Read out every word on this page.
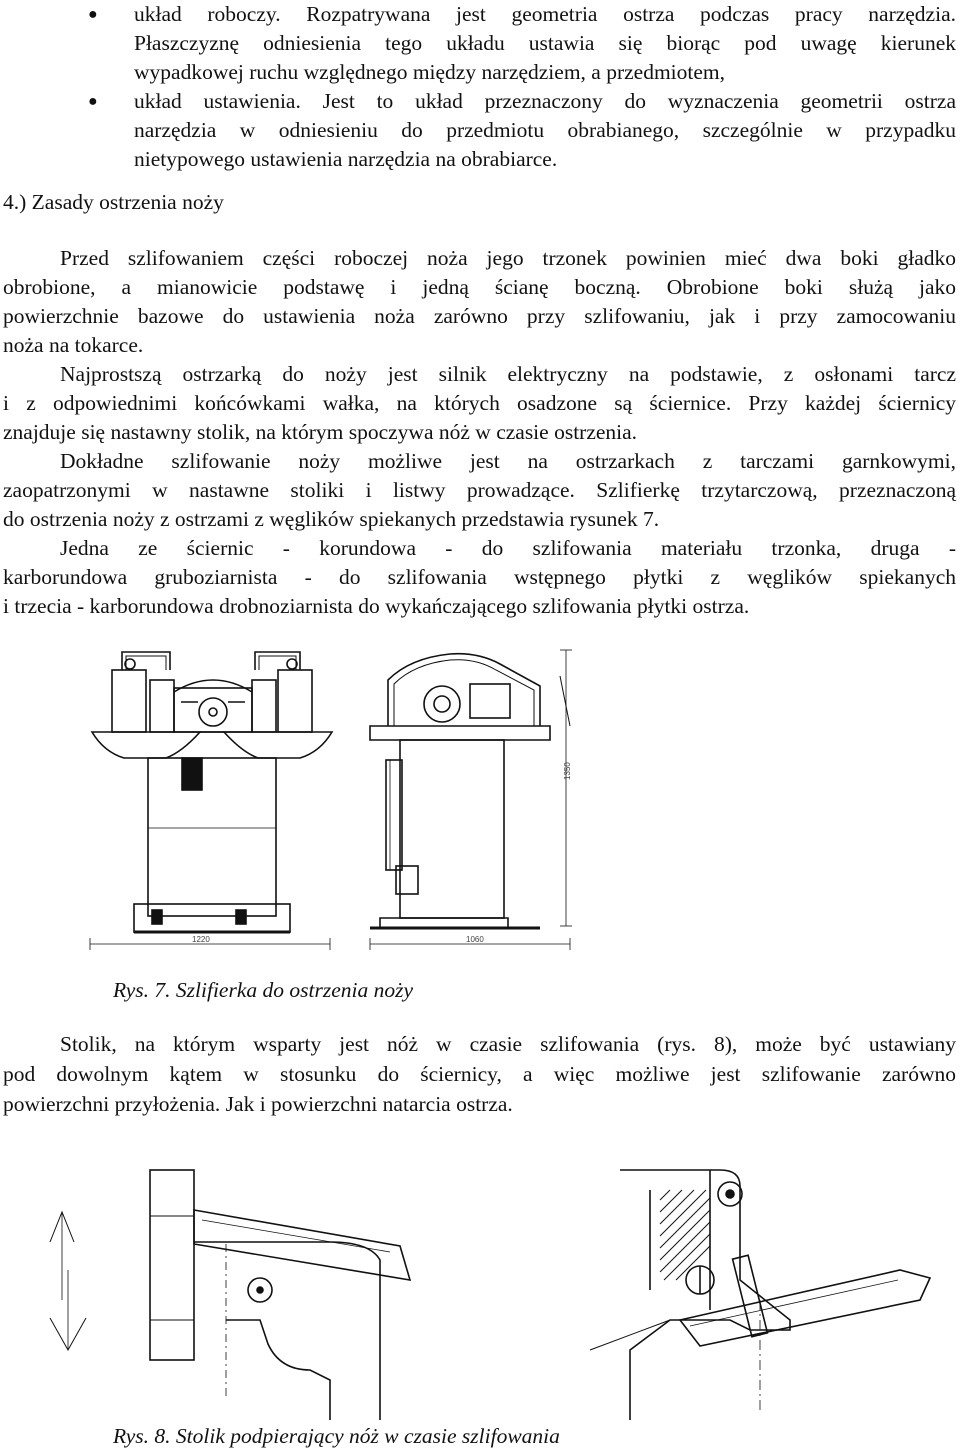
● układ roboczy. Rozpatrywana jest geometria ostrza podczas pracy narzędzia.
Płaszczyznę odniesienia tego układu ustawia się biorąc pod uwagę kierunek
wypadkowej ruchu względnego między narzędziem, a przedmiotem,
● układ ustawienia. Jest to układ przeznaczony do wyznaczenia geometrii ostrza
narzędzia w odniesieniu do przedmiotu obrabianego, szczególnie w przypadku
nietypowego ustawienia narzędzia na obrabiarce.
4.) Zasady ostrzenia noży
Przed szlifowaniem części roboczej noża jego trzonek powinien mieć dwa boki gładko
obrobione, a mianowicie podstawę i jedną ścianę boczną. Obrobione boki służą jako
powierzchnie bazowe do ustawienia noża zarówno przy szlifowaniu, jak i przy zamocowaniu
noża na tokarce.
Najprostszą ostrzarką do noży jest silnik elektryczny na podstawie, z osłonami tarcz
i z odpowiednimi końcówkami wałka, na których osadzone są ściernice. Przy każdej ściernicy
znajduje się nastawny stolik, na którym spoczywa nóż w czasie ostrzenia.
Dokładne szlifowanie noży możliwe jest na ostrzarkach z tarczami garnkowymi,
zaopatrzonymi w nastawne stoliki i listwy prowadzące. Szlifierkę trzytarczową, przeznaczoną
do ostrzenia noży z ostrzami z węglików spiekanych przedstawia rysunek 7.
Jedna ze ściernic - korundowa - do szlifowania materiału trzonka, druga -
karborundowa gruboziarnista - do szlifowania wstępnego płytki z węglików spiekanych
i trzecia - karborundowa drobnoziarnista do wykańczającego szlifowania płytki ostrza.
1220
1350
1060
Rys. 7. Szlifierka do ostrzenia noży
Stolik, na którym wsparty jest nóż w czasie szlifowania (rys. 8), może być ustawiany
pod dowolnym kątem w stosunku do ściernicy, a więc możliwe jest szlifowanie zarówno
powierzchni przyłożenia. Jak i powierzchni natarcia ostrza.
Rys. 8. Stolik podpierający nóż w czasie szlifowania
